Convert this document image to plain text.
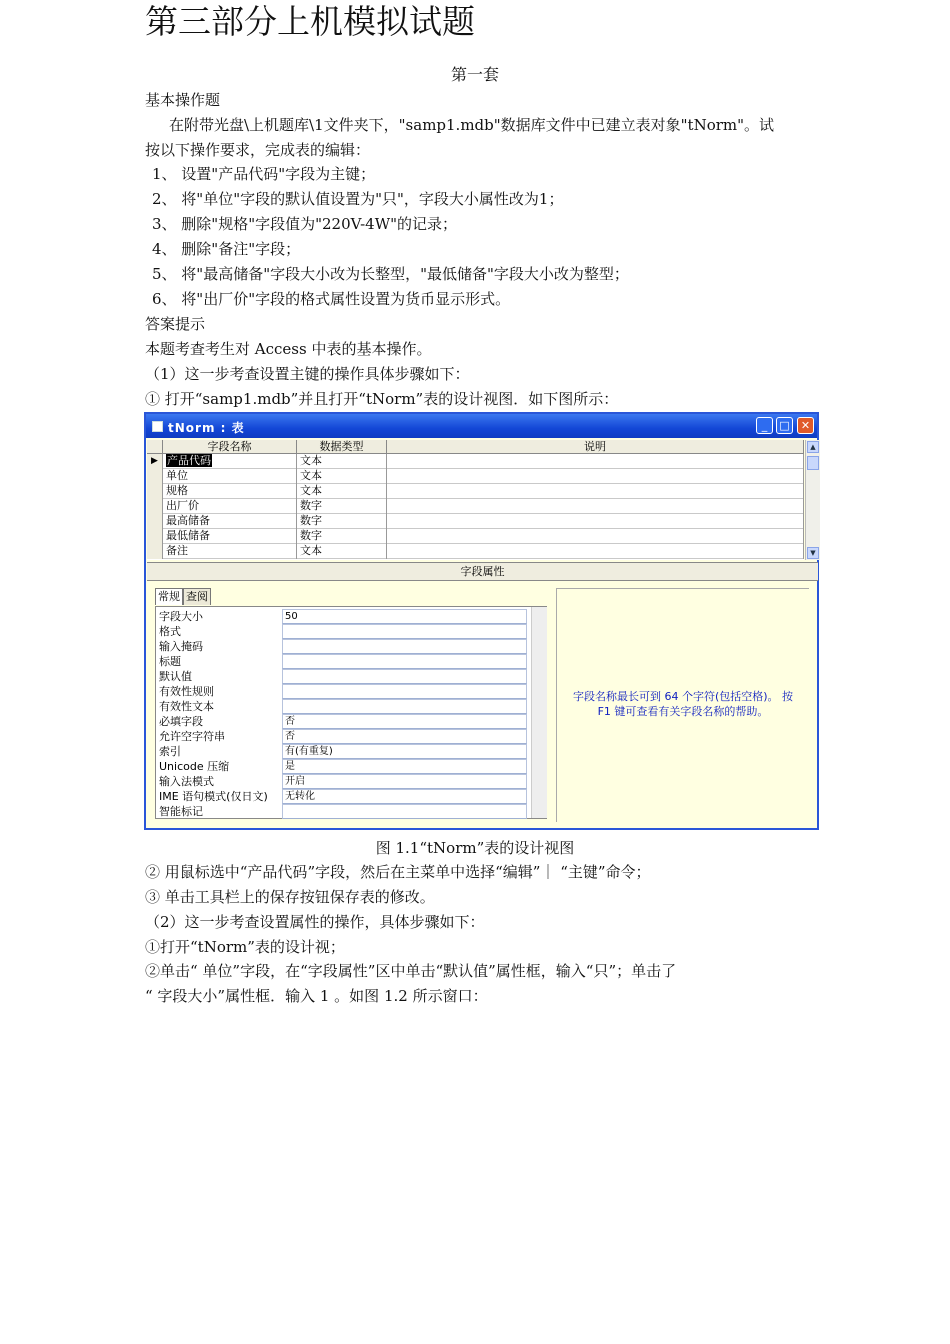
第三部分上机模拟试题
第一套
基本操作题
在附带光盘\上机题库\1文件夹下，"samp1.mdb"数据库文件中已建立表对象"tNorm"。试
按以下操作要求，完成表的编辑：
1、 设置"产品代码"字段为主键；
2、 将"单位"字段的默认值设置为"只"，字段大小属性改为1；
3、 删除"规格"字段值为"220V-4W"的记录；
4、 删除"备注"字段；
5、 将"最高储备"字段大小改为长整型，"最低储备"字段大小改为整型；
6、 将"出厂价"字段的格式属性设置为货币显示形式。
答案提示
本题考查考生对 Access 中表的基本操作。
（1）这一步考查设置主键的操作具体步骤如下：
① 打开“samp1.mdb”并且打开“tNorm”表的设计视图．如下图所示：
tNorm : 表	_	□	✕
字段名称	数据类型	说明
▶ 产品代码	文本
单位	文本
规格	文本
出厂价	数字
最高储备	数字
最低储备	数字
备注	文本
▲
▼
字段属性
常规 查阅
字段大小	50
格式
输入掩码
标题
默认值
有效性规则
有效性文本
必填字段	否
允许空字符串	否
索引	有(有重复)
Unicode 压缩	是
输入法模式	开启
IME 语句模式(仅日文)	无转化
智能标记
字段名称最长可到 64 个字符(包括空格)。 按
F1 键可查看有关字段名称的帮助。
图 1.1“tNorm”表的设计视图
② 用鼠标选中“产品代码”字段，然后在主菜单中选择“编辑”｜ “主键”命令；
③ 单击工具栏上的保存按钮保存表的修改。
（2）这一步考查设置属性的操作，具体步骤如下：
①打开“tNorm”表的设计视；
②单击“ 单位”字段，在“字段属性”区中单击“默认值”属性框，输入“只”；单击了
“ 字段大小”属性框．输入 1 。如图 1.2 所示窗口：
